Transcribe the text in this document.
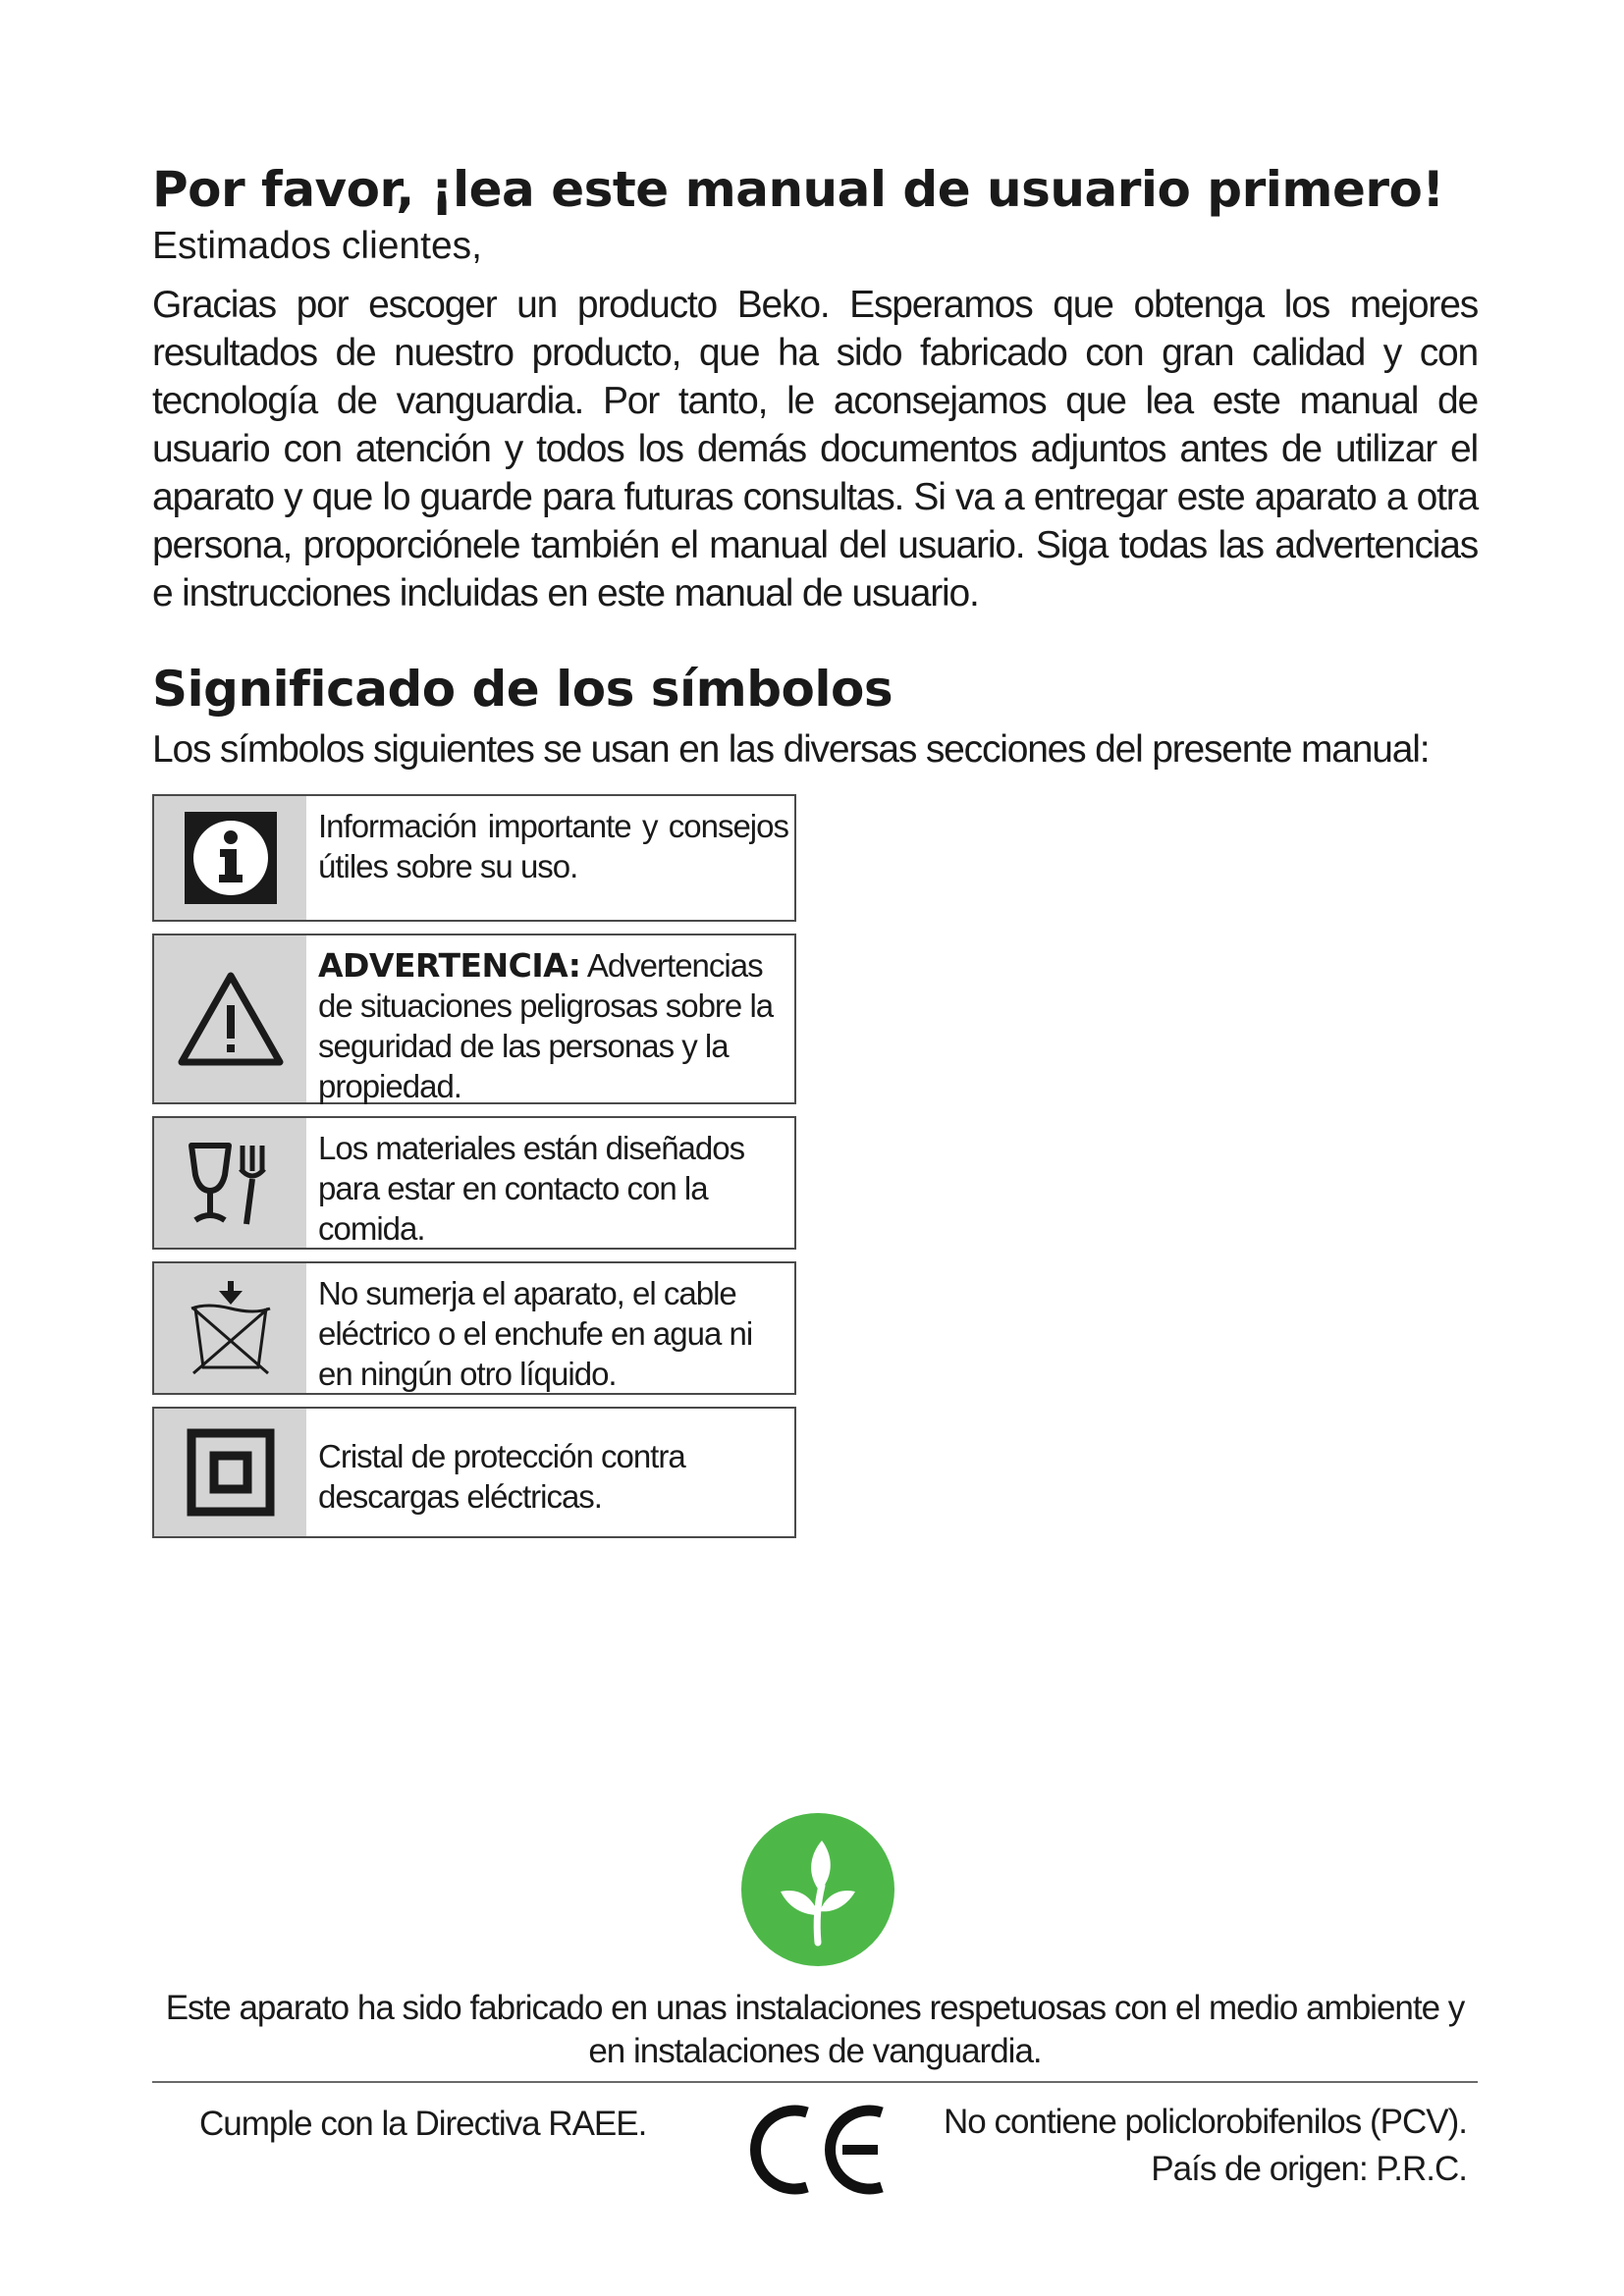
Por favor, ¡lea este manual de usuario primero!

Estimados clientes,

Gracias por escoger un producto Beko. Esperamos que obtenga los mejores resultados de nuestro producto, que ha sido fabricado con gran calidad y con tecnología de vanguardia. Por tanto, le aconsejamos que lea este manual de usuario con atención y todos los demás documentos adjuntos antes de utilizar el aparato y que lo guarde para futuras consultas. Si va a entregar este aparato a otra persona, proporciónele también el manual del usuario. Siga todas las advertencias e instrucciones incluidas en este manual de usuario.

Significado de los símbolos

Los símbolos siguientes se usan en las diversas secciones del presente manual:

Información importante y consejos útiles sobre su uso.
ADVERTENCIA: Advertencias de situaciones peligrosas sobre la seguridad de las personas y la propiedad.
Los materiales están diseñados para estar en contacto con la comida.
No sumerja el aparato, el cable eléctrico o el enchufe en agua ni en ningún otro líquido.
Cristal de protección contra descargas eléctricas.
Este aparato ha sido fabricado en unas instalaciones respetuosas con el medio ambiente y en instalaciones de vanguardia.
Cumple con la Directiva RAEE.	No contiene policlorobifenilos (PCV).
País de origen: P.R.C.
